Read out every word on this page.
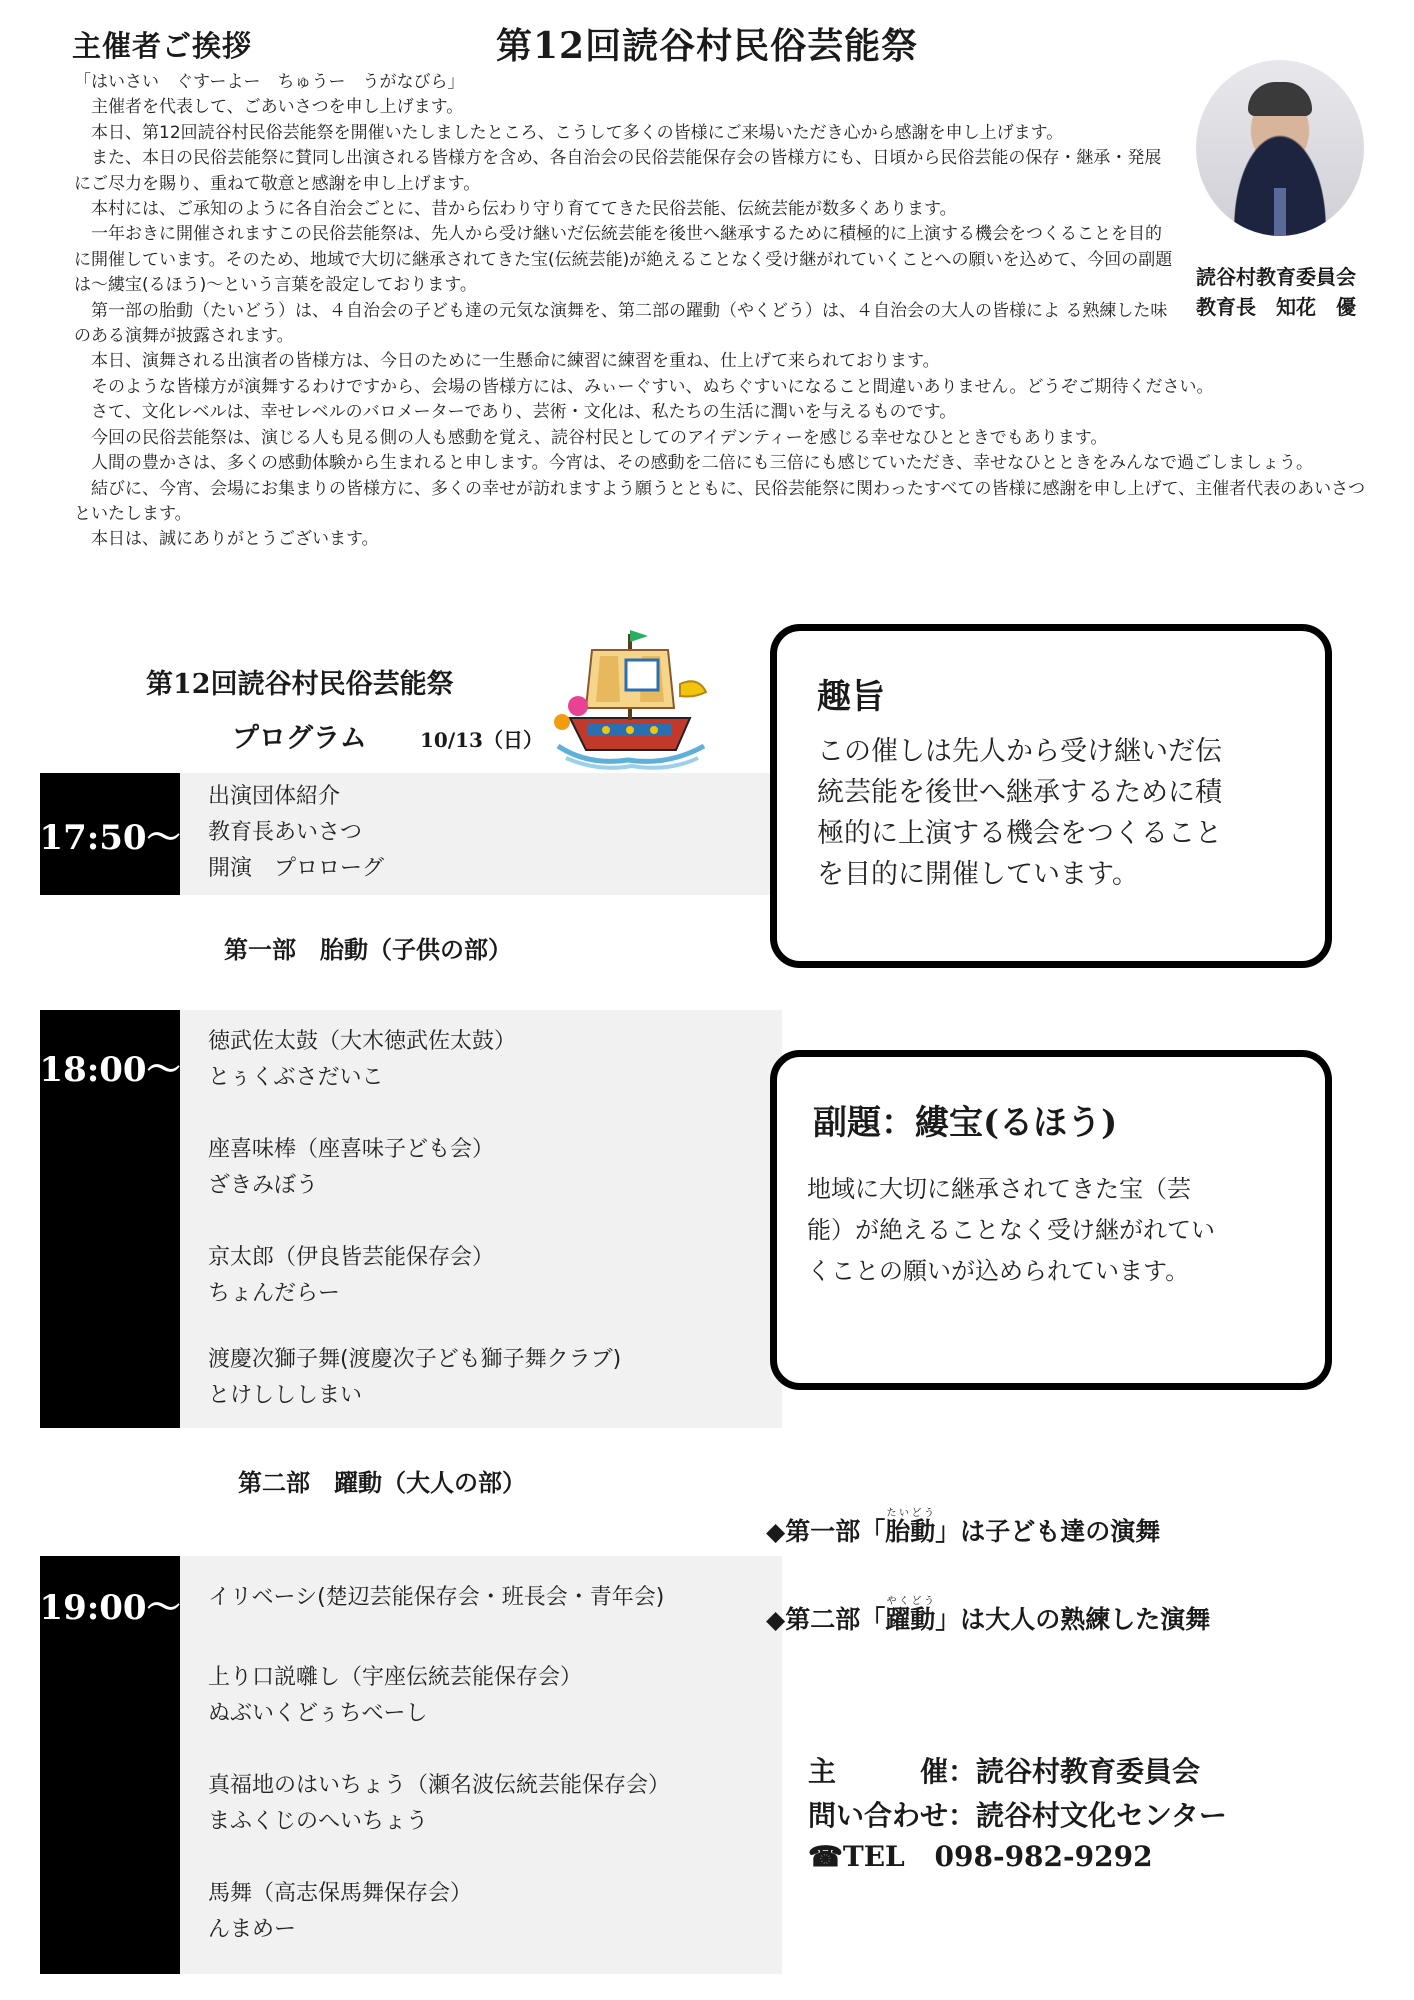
主催者ご挨拶	第12回読谷村民俗芸能祭

「はいさい　ぐすーよー　ちゅうー　うがなびら」

　主催者を代表して、ごあいさつを申し上げます。

　本日、第12回読谷村民俗芸能祭を開催いたしましたところ、こうして多くの皆様にご来場いただき心から感謝を申し上げます。

　また、本日の民俗芸能祭に賛同し出演される皆様方を含め、各自治会の民俗芸能保存会の皆様方にも、日頃から民俗芸能の保存・継承・発展にご尽力を賜り、重ねて敬意と感謝を申し上げます。

　本村には、ご承知のように各自治会ごとに、昔から伝わり守り育ててきた民俗芸能、伝統芸能が数多くあります。

　一年おきに開催されますこの民俗芸能祭は、先人から受け継いだ伝統芸能を後世へ継承するために積極的に上演する機会をつくることを目的に開催しています。そのため、地域で大切に継承されてきた宝(伝統芸能)が絶えることなく受け継がれていくことへの願いを込めて、今回の副題は〜縷宝(るほう)〜という言葉を設定しております。

　第一部の胎動（たいどう）は、４自治会の子ども達の元気な演舞を、第二部の躍動（やくどう）は、４自治会の大人の皆様によ る熟練した味のある演舞が披露されます。

　本日、演舞される出演者の皆様方は、今日のために一生懸命に練習に練習を重ね、仕上げて来られております。

　そのような皆様方が演舞するわけですから、会場の皆様方には、みぃーぐすい、ぬちぐすいになること間違いありません。どうぞご期待ください。

　さて、文化レベルは、幸せレベルのバロメーターであり、芸術・文化は、私たちの生活に潤いを与えるものです。

　今回の民俗芸能祭は、演じる人も見る側の人も感動を覚え、読谷村民としてのアイデンティーを感じる幸せなひとときでもあります。

　人間の豊かさは、多くの感動体験から生まれると申します。今宵は、その感動を二倍にも三倍にも感じていただき、幸せなひとときをみんなで過ごしましょう。

　結びに、今宵、会場にお集まりの皆様方に、多くの幸せが訪れますよう願うとともに、民俗芸能祭に関わったすべての皆様に感謝を申し上げて、主催者代表のあいさつといたします。

　本日は、誠にありがとうございます。

読谷村教育委員会
教育長　知花　優
第12回読谷村民俗芸能祭
プログラム	10/13（日）
17:50〜
出演団体紹介
教育長あいさつ
開演　プロローグ
第一部　胎動（子供の部）
18:00〜
徳武佐太鼓（大木徳武佐太鼓）
とぅくぶさだいこ
座喜味棒（座喜味子ども会）
ざきみぼう
京太郎（伊良皆芸能保存会）
ちょんだらー
渡慶次獅子舞(渡慶次子ども獅子舞クラブ)
とけしししまい
第二部　躍動（大人の部）
19:00〜 イリベーシ(楚辺芸能保存会・班長会・青年会)
上り口説囃し（宇座伝統芸能保存会）
ぬぶいくどぅちべーし
真福地のはいちょう（瀬名波伝統芸能保存会）
まふくじのへいちょう
馬舞（高志保馬舞保存会）
んまめー
趣旨
この催しは先人から受け継いだ伝
統芸能を後世へ継承するために積
極的に上演する機会をつくること
を目的に開催しています。
副題：縷宝(るほう)
地域に大切に継承されてきた宝（芸
能）が絶えることなく受け継がれてい
くことの願いが込められています。
◆第一部「胎動たいどう」は子ども達の演舞
◆第二部「躍動やくどう」は大人の熟練した演舞
主　　　催：読谷村教育委員会
問い合わせ：読谷村文化センター
☎TEL 098-982-9292
